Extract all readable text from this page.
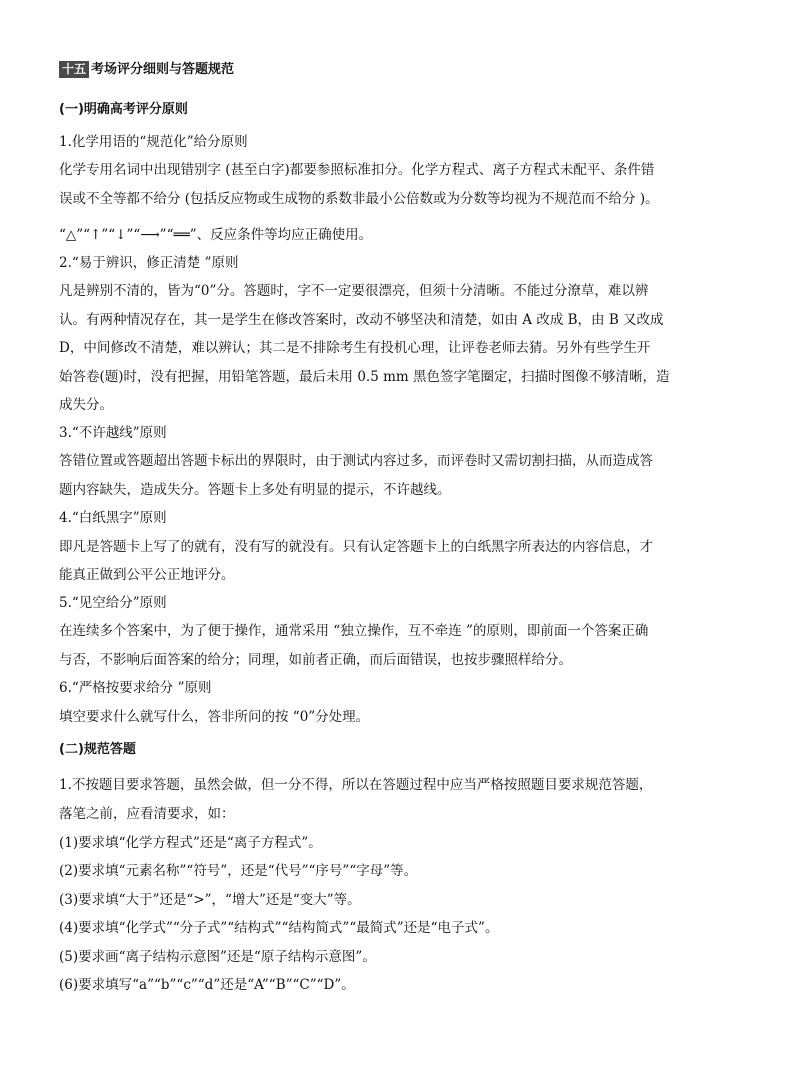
十五 考场评分细则与答题规范
(一)明确高考评分原则
1.化学用语的“规范化”给分原则
化学专用名词中出现错别字 (甚至白字)都要参照标准扣分。化学方程式、离子方程式未配平、条件错
误或不全等都不给分 (包括反应物或生成物的系数非最小公倍数或为分数等均视为不规范而不给分 )。
“△”“↑”“↓”“⟶”“══”、反应条件等均应正确使用。
2.“易于辨识，修正清楚 ”原则
凡是辨别不清的，皆为“0”分。答题时，字不一定要很漂亮，但须十分清晰。不能过分潦草，难以辨
认。有两种情况存在，其一是学生在修改答案时，改动不够坚决和清楚，如由 A 改成 B，由 B 又改成
D，中间修改不清楚，难以辨认；其二是不排除考生有投机心理，让评卷老师去猜。另外有些学生开
始答卷(题)时，没有把握，用铅笔答题，最后未用 0.5 mm 黑色签字笔圈定，扫描时图像不够清晰，造
成失分。
3.“不许越线”原则
答错位置或答题超出答题卡标出的界限时，由于测试内容过多，而评卷时又需切割扫描，从而造成答
题内容缺失，造成失分。答题卡上多处有明显的提示，不许越线。
4.“白纸黑字”原则
即凡是答题卡上写了的就有，没有写的就没有。只有认定答题卡上的白纸黑字所表达的内容信息，才
能真正做到公平公正地评分。
5.“见空给分”原则
在连续多个答案中，为了便于操作，通常采用 “独立操作，互不牵连 ”的原则，即前面一个答案正确
与否，不影响后面答案的给分；同理，如前者正确，而后面错误，也按步骤照样给分。
6.“严格按要求给分 ”原则
填空要求什么就写什么，答非所问的按 “0”分处理。
(二)规范答题
1.不按题目要求答题，虽然会做，但一分不得，所以在答题过程中应当严格按照题目要求规范答题，
落笔之前，应看清要求，如：
(1)要求填“化学方程式”还是“离子方程式”。
(2)要求填“元素名称”“符号”，还是“代号”“序号”“字母”等。
(3)要求填“大于”还是“>”，“增大”还是“变大”等。
(4)要求填“化学式”“分子式”“结构式”“结构简式”“最简式”还是“电子式”。
(5)要求画“离子结构示意图”还是“原子结构示意图”。
(6)要求填写“a”“b”“c”“d”还是“A”“B”“C”“D”。
